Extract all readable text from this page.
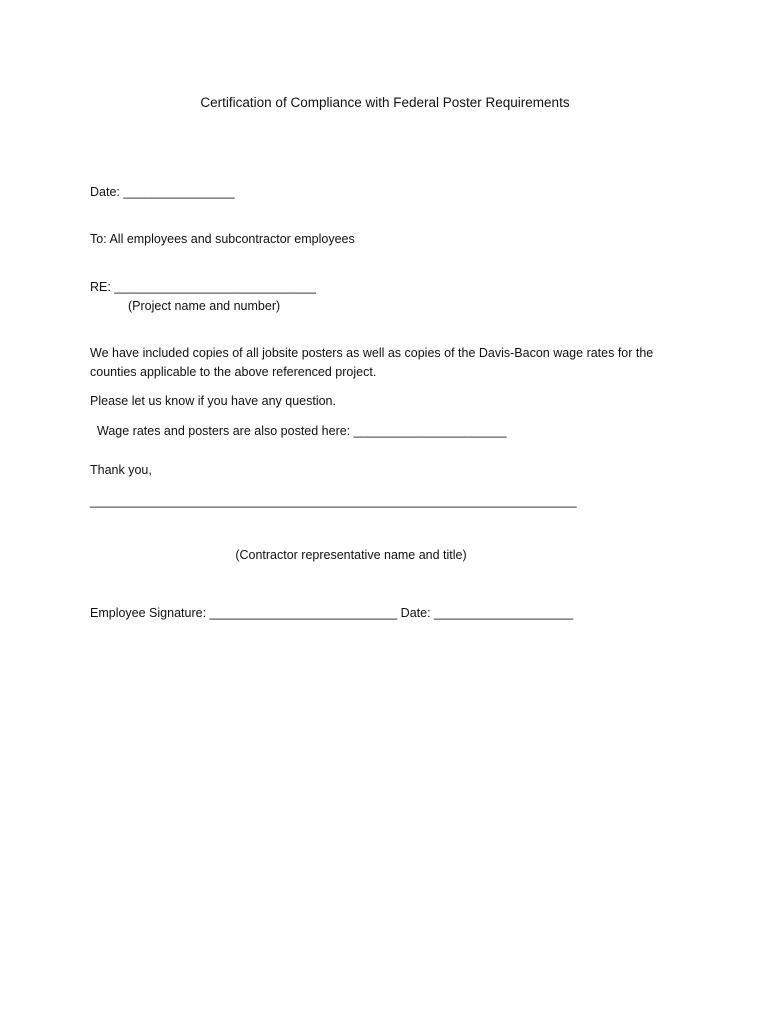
Certification of Compliance with Federal Poster Requirements
Date: ________________
To: All employees and subcontractor employees
RE: _____________________________
(Project name and number)
We have included copies of all jobsite posters as well as copies of the Davis-Bacon wage rates for the
counties applicable to the above referenced project.
Please let us know if you have any question.
Wage rates and posters are also posted here: ______________________
Thank you,
______________________________________________________________________
(Contractor representative name and title)
Employee Signature: ___________________________ Date: ____________________
